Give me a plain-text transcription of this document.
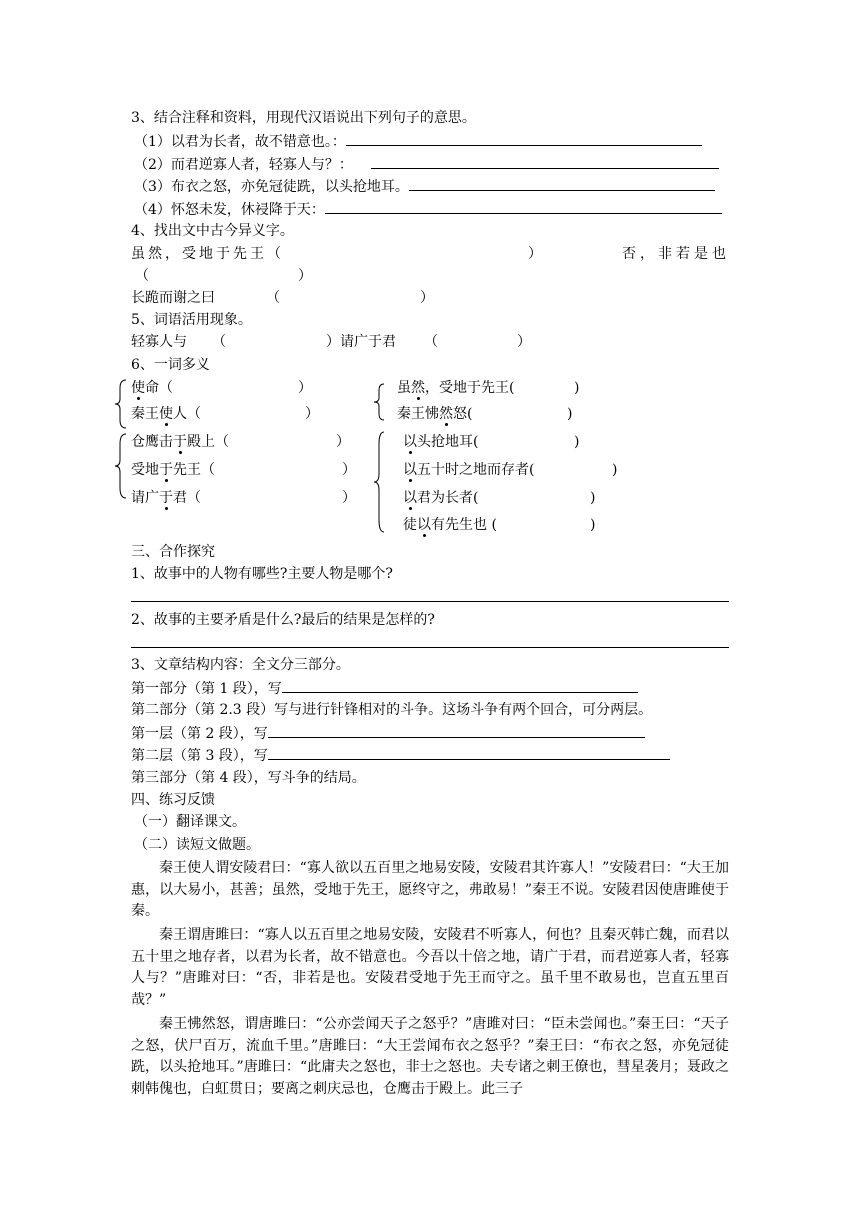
3、结合注释和资料，用现代汉语说出下列句子的意思。
（1）以君为长者，故不错意也。：
（2）而君逆寡人者，轻寡人与？：
（3）布衣之怒，亦免冠徒跣，以头抢地耳。
（4）怀怒未发，休祲降于天：
4、找出文中古今异义字。
虽然，受地于先王（	）	否，非若是也
（	）
长跪而谢之曰	（	）
5、词语活用现象。
轻寡人与 （	）请广于君 （	）
6、一词多义
使命（	）
秦王使人（	）
虽然，受地于先王(	)
秦王怫然怒(	)
仓鹰击于殿上（	）
受地于先王（	）
请广于君（	）
以头抢地耳(	)
以五十时之地而存者(	)
以君为长者(	)
徒以有先生也 (	)
三、合作探究
1、故事中的人物有哪些?主要人物是哪个?
2、故事的主要矛盾是什么?最后的结果是怎样的?
3、文章结构内容：全文分三部分。
第一部分（第 1 段），写
第二部分（第 2.3 段）写与进行针锋相对的斗争。这场斗争有两个回合，可分两层。
第一层（第 2 段），写
第二层（第 3 段），写
第三部分（第 4 段），写斗争的结局。
四、练习反馈
（一）翻译课文。
（二）读短文做题。
秦王使人谓安陵君曰：“寡人欲以五百里之地易安陵，安陵君其许寡人！”安陵君曰：“大王加惠，以大易小，甚善；虽然，受地于先王，愿终守之，弗敢易！”秦王不说。安陵君因使唐雎使于秦。
秦王谓唐雎曰：“寡人以五百里之地易安陵，安陵君不听寡人，何也？且秦灭韩亡魏，而君以五十里之地存者，以君为长者，故不错意也。今吾以十倍之地，请广于君，而君逆寡人者，轻寡人与？”唐雎对曰：“否，非若是也。安陵君受地于先王而守之。虽千里不敢易也，岂直五里百哉？”
秦王怫然怒，谓唐雎曰：“公亦尝闻天子之怒乎？”唐雎对曰：“臣未尝闻也。”秦王曰：“天子之怒，伏尸百万，流血千里。”唐雎曰：“大王尝闻布衣之怒乎？”秦王曰：“布衣之怒，亦免冠徒跣，以头抢地耳。”唐雎曰：“此庸夫之怒也，非士之怒也。夫专诸之刺王僚也，彗星袭月；聂政之刺韩傀也，白虹贯日；要离之刺庆忌也，仓鹰击于殿上。此三子
